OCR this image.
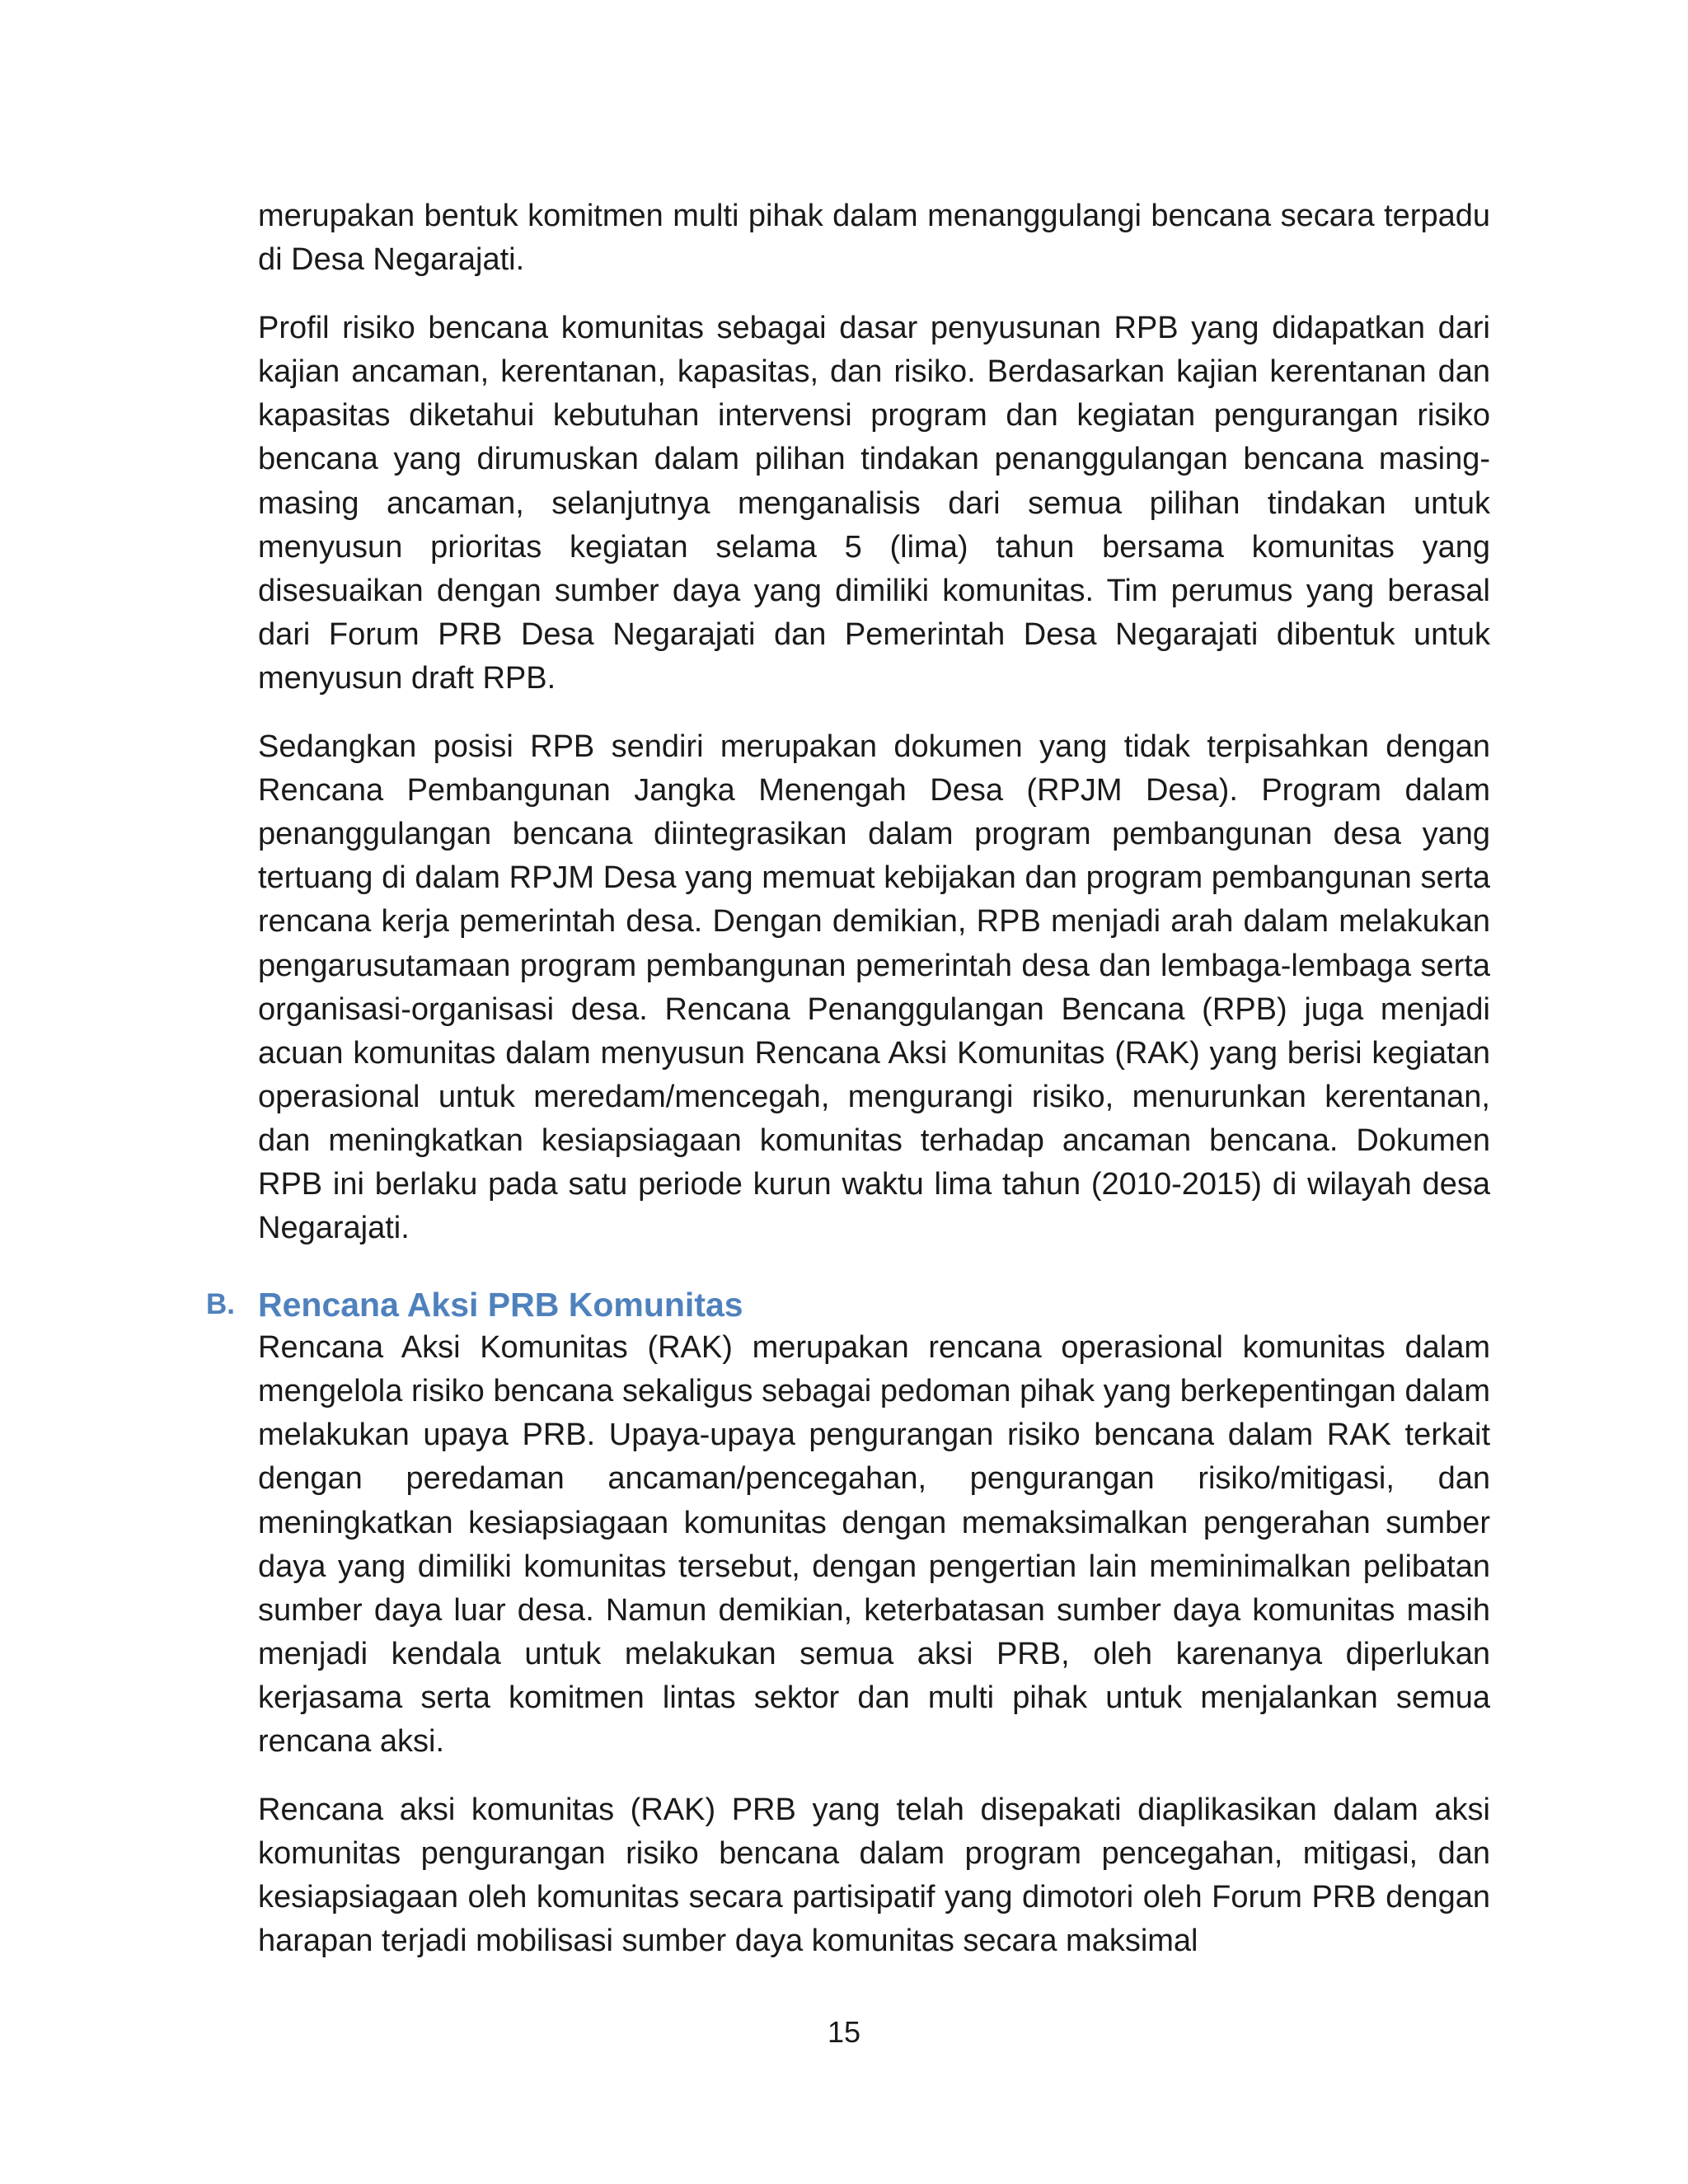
merupakan bentuk komitmen multi pihak dalam menanggulangi bencana secara terpadu di Desa Negarajati.

Profil risiko bencana komunitas sebagai dasar penyusunan RPB yang didapatkan dari kajian ancaman, kerentanan, kapasitas, dan risiko. Berdasarkan kajian kerentanan dan kapasitas diketahui kebutuhan intervensi program dan kegiatan pengurangan risiko bencana yang dirumuskan dalam pilihan tindakan penanggulangan bencana masing-masing ancaman, selanjutnya menganalisis dari semua pilihan tindakan untuk menyusun prioritas kegiatan selama 5 (lima) tahun bersama komunitas yang disesuaikan dengan sumber daya yang dimiliki komunitas. Tim perumus yang berasal dari Forum PRB Desa Negarajati dan Pemerintah Desa Negarajati dibentuk untuk menyusun draft RPB.

Sedangkan posisi RPB sendiri merupakan dokumen yang tidak terpisahkan dengan Rencana Pembangunan Jangka Menengah Desa (RPJM Desa). Program dalam penanggulangan bencana diintegrasikan dalam program pembangunan desa yang tertuang di dalam RPJM Desa yang memuat kebijakan dan program pembangunan serta rencana kerja pemerintah desa. Dengan demikian, RPB menjadi arah dalam melakukan pengarusutamaan program pembangunan pemerintah desa dan lembaga-lembaga serta organisasi-organisasi desa. Rencana Penanggulangan Bencana (RPB) juga menjadi acuan komunitas dalam menyusun Rencana Aksi Komunitas (RAK) yang berisi kegiatan operasional untuk meredam/mencegah, mengurangi risiko, menurunkan kerentanan, dan meningkatkan kesiapsiagaan komunitas terhadap ancaman bencana. Dokumen RPB ini berlaku pada satu periode kurun waktu lima tahun (2010-2015) di wilayah desa Negarajati.

B. Rencana Aksi PRB Komunitas

Rencana Aksi Komunitas (RAK) merupakan rencana operasional komunitas dalam mengelola risiko bencana sekaligus sebagai pedoman pihak yang berkepentingan dalam melakukan upaya PRB. Upaya-upaya pengurangan risiko bencana dalam RAK terkait dengan peredaman ancaman/pencegahan, pengurangan risiko/mitigasi, dan meningkatkan kesiapsiagaan komunitas dengan memaksimalkan pengerahan sumber daya yang dimiliki komunitas tersebut, dengan pengertian lain meminimalkan pelibatan sumber daya luar desa. Namun demikian, keterbatasan sumber daya komunitas masih menjadi kendala untuk melakukan semua aksi PRB, oleh karenanya diperlukan kerjasama serta komitmen lintas sektor dan multi pihak untuk menjalankan semua rencana aksi.

Rencana aksi komunitas (RAK) PRB yang telah disepakati diaplikasikan dalam aksi komunitas pengurangan risiko bencana dalam program pencegahan, mitigasi, dan kesiapsiagaan oleh komunitas secara partisipatif yang dimotori oleh Forum PRB dengan harapan terjadi mobilisasi sumber daya komunitas secara maksimal

15
